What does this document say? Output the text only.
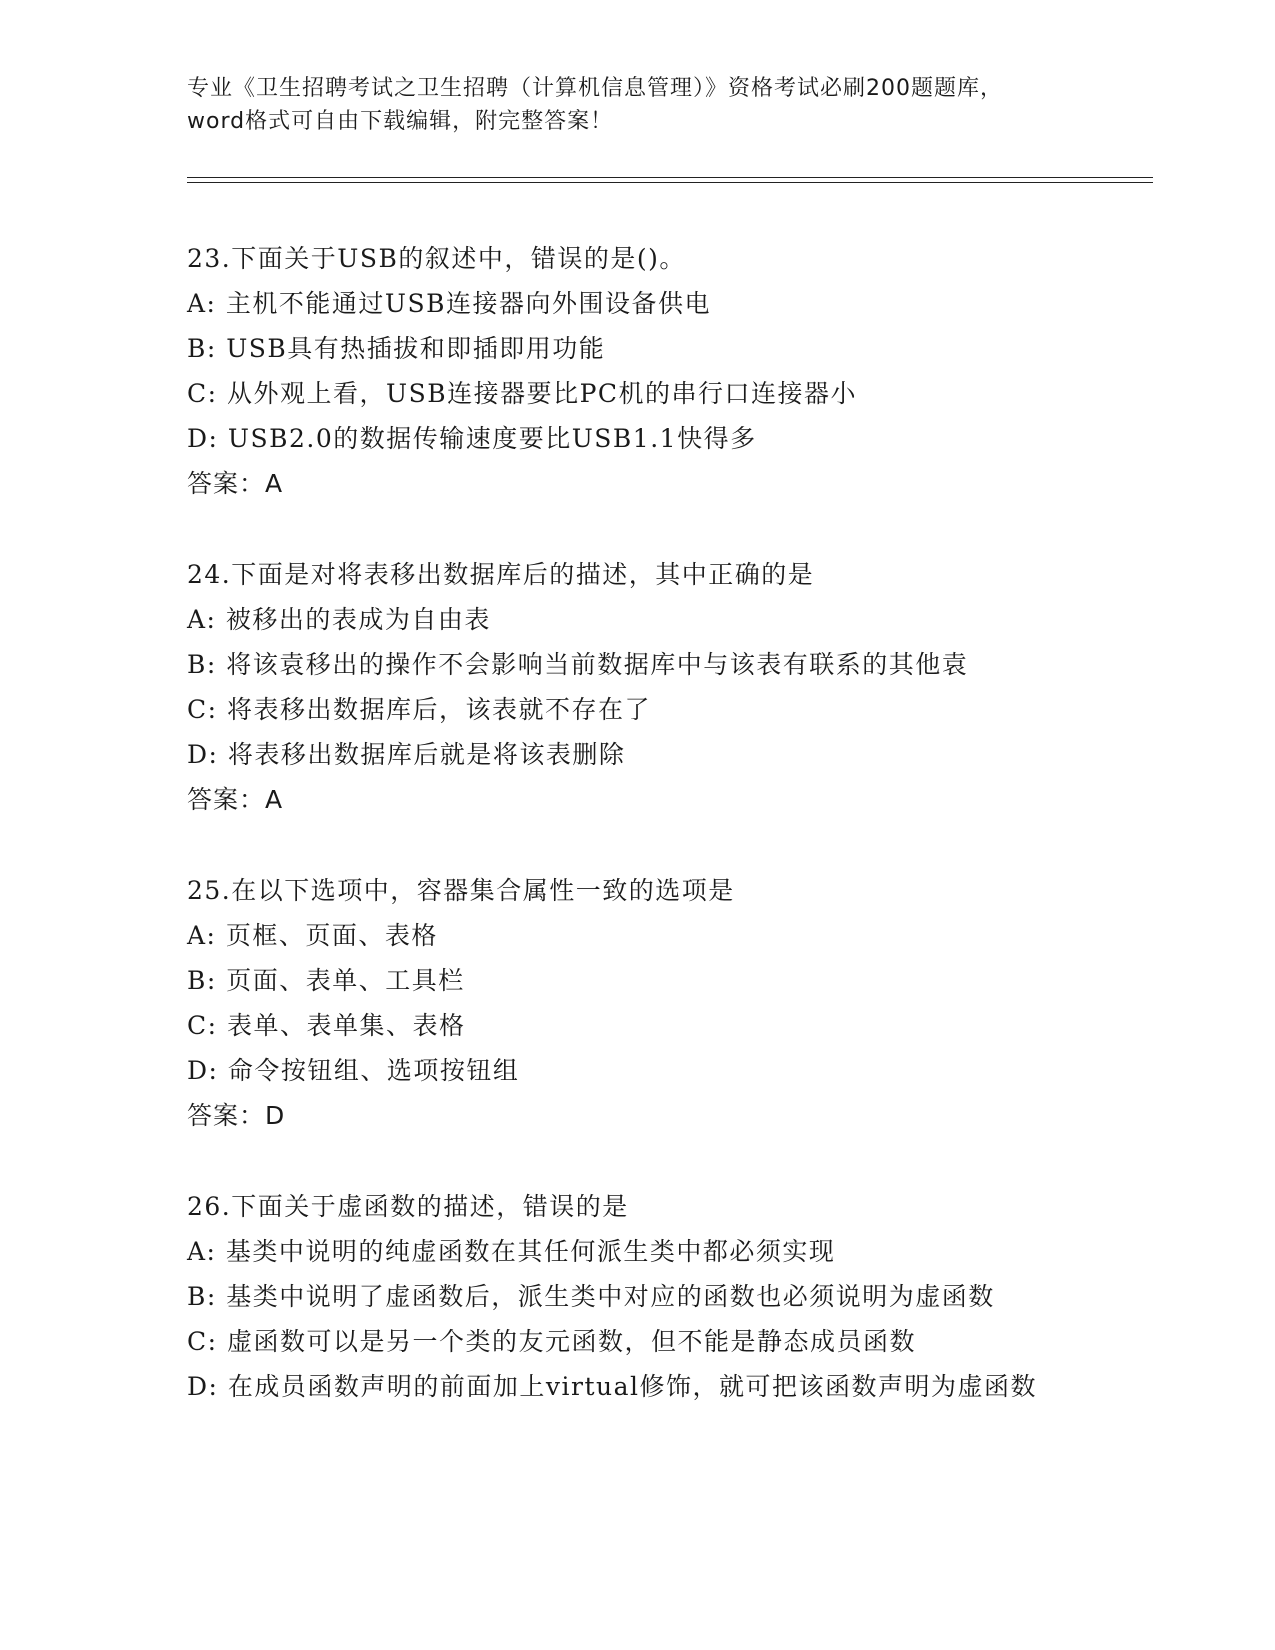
专业《卫生招聘考试之卫生招聘（计算机信息管理）》资格考试必刷200题题库，
word格式可自由下载编辑，附完整答案！
23.下面关于USB的叙述中，错误的是()。
A: 主机不能通过USB连接器向外围设备供电
B: USB具有热插拔和即插即用功能
C: 从外观上看，USB连接器要比PC机的串行口连接器小
D: USB2.0的数据传输速度要比USB1.1快得多
答案：A
24.下面是对将表移出数据库后的描述，其中正确的是
A: 被移出的表成为自由表
B: 将该袁移出的操作不会影响当前数据库中与该表有联系的其他袁
C: 将表移出数据库后，该表就不存在了
D: 将表移出数据库后就是将该表删除
答案：A
25.在以下选项中，容器集合属性一致的选项是
A: 页框、页面、表格
B: 页面、表单、工具栏
C: 表单、表单集、表格
D: 命令按钮组、选项按钮组
答案：D
26.下面关于虚函数的描述，错误的是
A: 基类中说明的纯虚函数在其任何派生类中都必须实现
B: 基类中说明了虚函数后，派生类中对应的函数也必须说明为虚函数
C: 虚函数可以是另一个类的友元函数，但不能是静态成员函数
D: 在成员函数声明的前面加上virtual修饰，就可把该函数声明为虚函数
